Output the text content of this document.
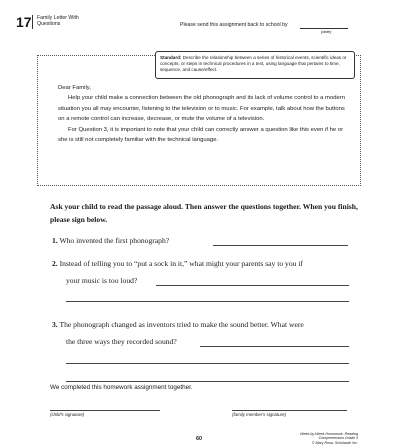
17 Family Letter With Questions	Please send this assignment back to school by
(date)
Standard: Describe the relationship between a series of historical events, scientific ideas or concepts, or steps in technical procedures in a text, using language that pertains to time, sequence, and cause/effect.

Dear Family,

Help your child make a connection between the old phonograph and its lack of volume control to a modern situation you all may encounter, listening to the television or to music. For example, talk about how the buttons on a remote control can increase, decrease, or mute the volume of a television.

For Question 3, it is important to note that your child can correctly answer a question like this even if he or she is still not completely familiar with the technical language.

Ask your child to read the passage aloud. Then answer the questions together. When you finish, please sign below.
1. Who invented the first phonograph?
2. Instead of telling you to “put a sock in it,” what might your parents say to you if
your music is too loud?
3. The phonograph changed as inventors tried to make the sound better. What were
the three ways they recorded sound?
We completed this homework assignment together.
(child's signature)	(family member's signature)
60
Week-by-Week Homework: Reading Comprehension Grade 3
© Mary Rosa, Scholastic Inc.
